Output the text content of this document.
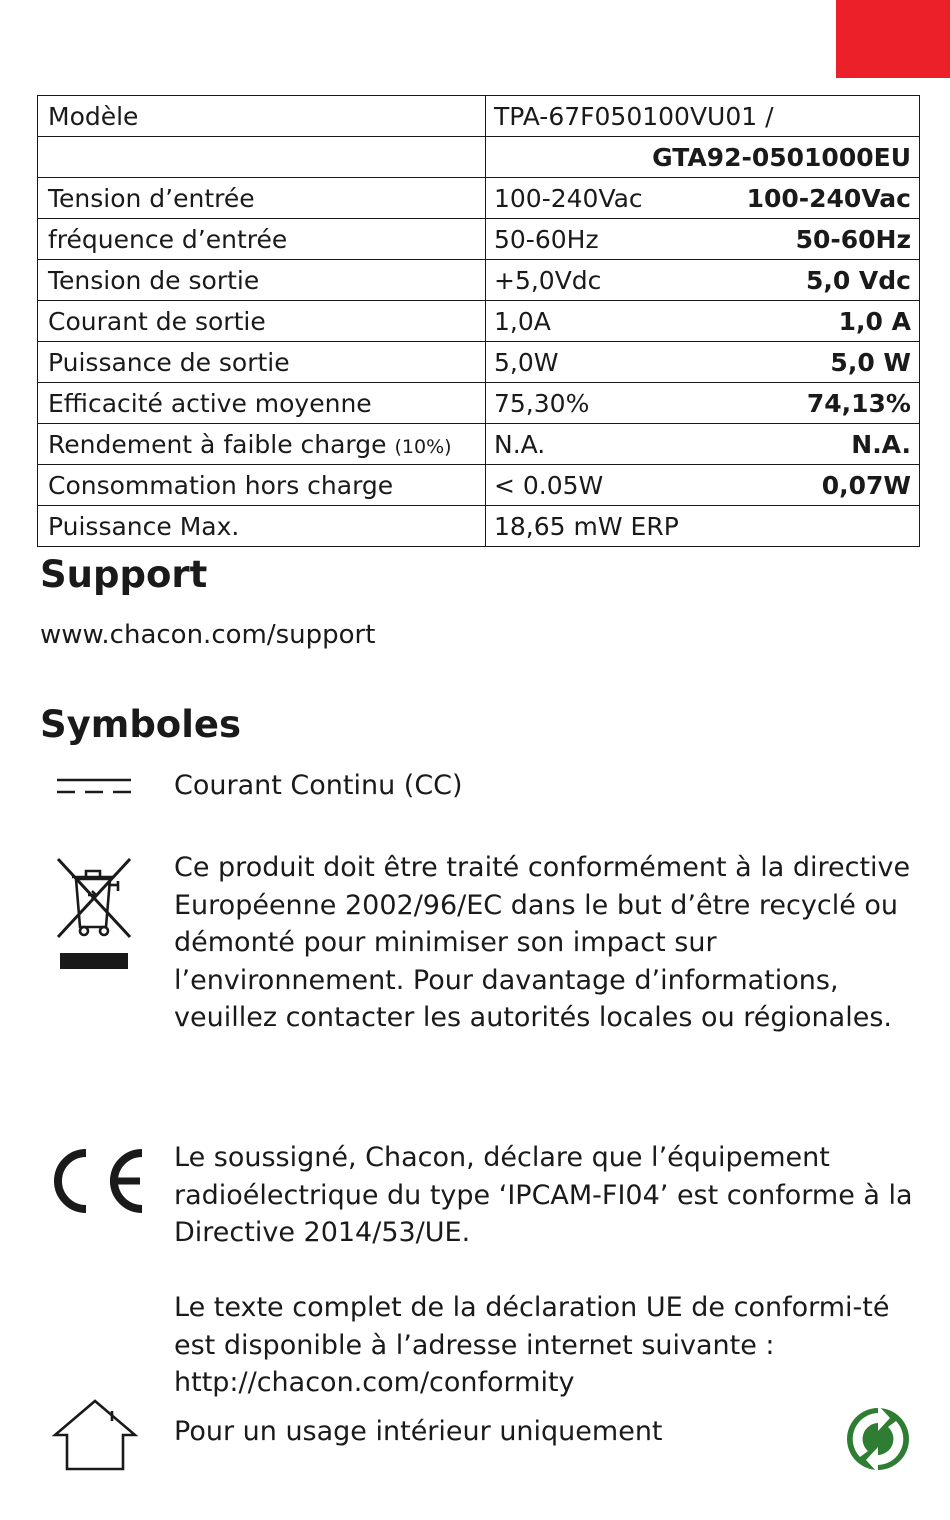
Modèle	TPA-67F050100VU01 /

	GTA92-0501000EU

Tension d’entrée	100-240Vac 100-240Vac

fréquence d’entrée	50-60Hz 50-60Hz

Tension de sortie	+5,0Vdc 5,0 Vdc

Courant de sortie	1,0A 1,0 A

Puissance de sortie	5,0W 5,0 W

Efficacité active moyenne	75,30% 74,13%

Rendement à faible charge (10%)	N.A. N.A.

Consommation hors charge	< 0.05W 0,07W

Puissance Max.	18,65 mW ERP
Support

www.chacon.com/support

Symboles

Courant Continu (CC)

Ce produit doit être traité conformément à la directive Européenne 2002/96/EC dans le but d’être recyclé ou démonté pour minimiser son impact sur l’environnement. Pour davantage d’informations, veuillez contacter les autorités locales ou régionales.

Le soussigné, Chacon, déclare que l’équipement radioélectrique du type ‘IPCAM-FI04’ est conforme à la Directive 2014/53/UE.

Le texte complet de la déclaration UE de conformi-té est disponible à l’adresse internet suivante : http://chacon.com/conformity

Pour un usage intérieur uniquement
